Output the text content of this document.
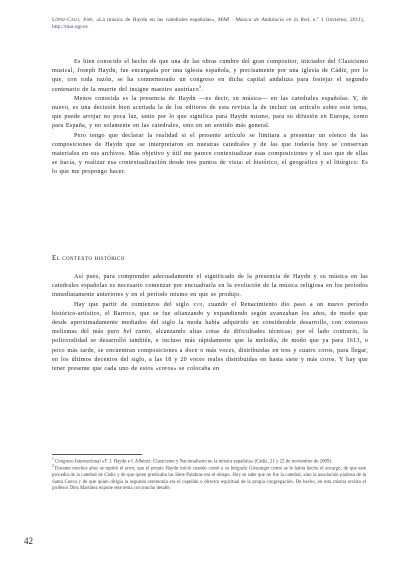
López-Calo, José, «La música de Haydn en las catedrales españolas», MAR · Música de Andalucía en la Red, n.º 1 (invierno, 2011), http://mar.ugr.es

Es bien conocido el hecho de que una de las obras cumbre del gran compositor, iniciador del Clasicismo musical, Joseph Haydn, fue encargada por una iglesia española, y precisamente por una iglesia de Cádiz, por lo que, con toda razón, se ha conmemorado un congreso en dicha capital andaluza para festejar el segundo centenario de la muerte del insigne maestro austríaco$^1$.

Menos conocida es la presencia de Haydn —es decir, su música— en las catedrales españolas. Y, de nuevo, es una decisión bien acertada la de los editores de esta revista la de incluir un artículo sobre este tema, que puede arrojar no poca luz, tanto por lo que significa para Haydn mismo, para su difusión en Europa, como para España, y no solamente en las catedrales, sino en un sentido más general.

Pero tengo que declarar la realidad si el presente artículo se limitara a presentar un elenco de las composiciones de Haydn que se interpretaron en nuestras catedrales y de las que todavía hoy se conservan materiales en sus archivos. Más objetivo y útil me parece contextualizar esas composiciones y el uso que de ellas se hacía, y realizar esa contextualización desde tres puntos de vista: el histórico, el geográfico y el litúrgico. Es lo que me propongo hacer.

El contexto histórico

Así pues, para comprender adecuadamente el significado de la presencia de Haydn y su música en las catedrales españolas es necesario comenzar por encuadrarla en la evolución de la música religiosa en los períodos inmediatamente anteriores y en el período mismo en que se produjo.

Hay que partir de comienzos del siglo xvii, cuando el Renacimiento dio paso a un nuevo período histórico-artístico, el Barroco, que se fue afianzando y expandiendo según avanzaban los años, de modo que desde aproximadamente mediados del siglo la moda había adquirido un considerable desarrollo, con extensos melismas del más puro bel canto, alcanzando altas cotas de dificultades técnicas; por el lado contrario, la policoralidad se desarrolló también, e incluso más rápidamente que la melodía, de modo que ya para 1613, o poco más tarde, se encuentran composiciones a doce o más voces, distribuidas en tres y cuatro coros, para llegar, en los últimos decenios del siglo, a las 18 y 20 voces reales distribuidas en hasta siete y más coros. Y hay que tener presente que cada uno de estos «coros» se colocaba en

$^1$Congreso Internacional «F. J. Haydn e I. Albéniz: Clasicismo y Nacionalismo en la música española» (Cádiz, 21 y 22 de noviembre de 2009).

$^2$Durante muchos años se repitió el error, que el propio Haydn inició cuando contó a su biógrafo Griesinger como se le había hecho el encargo, de que este procedía de la catedral de Cádiz y de que quien predicaba las Siete Palabras era el obispo. Hoy se sabe que no fue la catedral, sino la asociación piadosa de la Santa Cueva y de que quien dirigía la segunda ceremonia era el capellán o director espiritual de la propia congregación. De hecho, en esta misma revista el profesor Díez Martínez expone este tema con mucho detalle.

42
